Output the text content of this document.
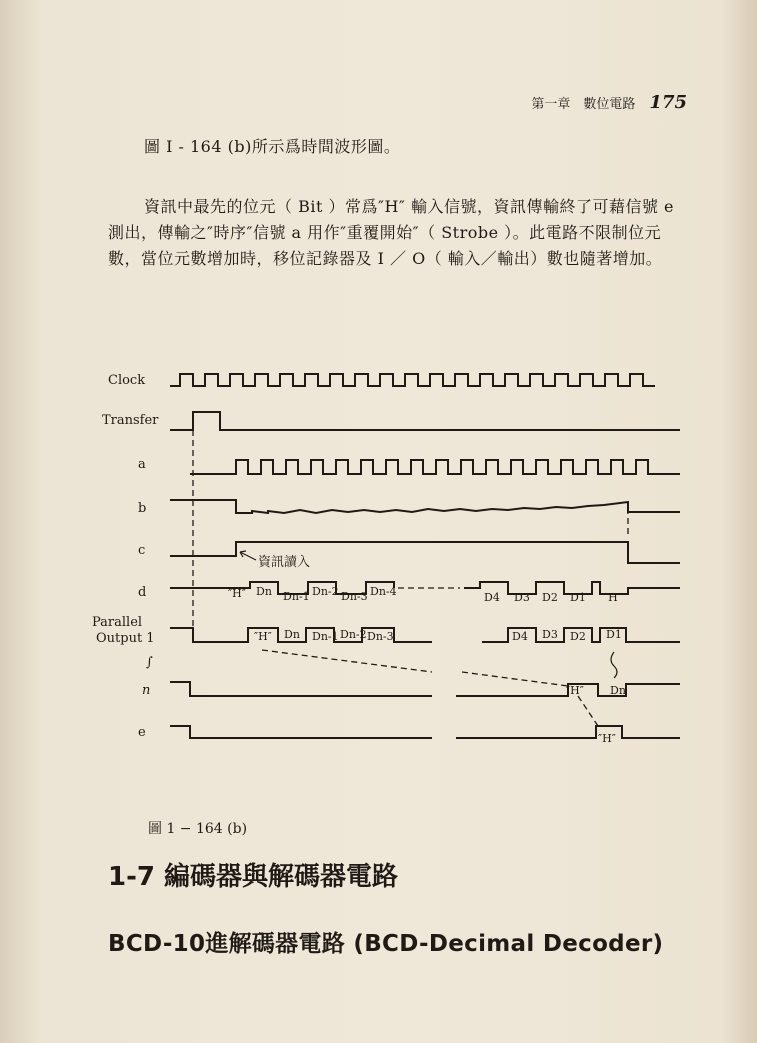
第一章　數位電路 175

圖 I - 164 (b)所示爲時間波形圖。

資訊中最先的位元（ Bit ）常爲″H″ 輸入信號，資訊傳輸終了可藉信號 e 測出，傳輸之″時序″信號 a 用作″重覆開始″（ Strobe ）。此電路不限制位元數，當位元數增加時，移位記錄器及 I ／ O（ 輸入／輸出）數也隨著增加。

Clock
Transfer
a
b
c
d
Parallel
Output 1
∫
n
e
資訊讀入
″H″ Dn Dn-1 Dn-2 Dn-3 Dn-4	D4 D3 D2 D1 ″H″
″H″ Dn Dn-1 Dn-2 Dn-3	D4 D3 D2 D1
″H″ Dn
″H″
圖 1 − 164 (b)
1-7 編碼器與解碼器電路
BCD-10進解碼器電路 (BCD-Decimal Decoder)
